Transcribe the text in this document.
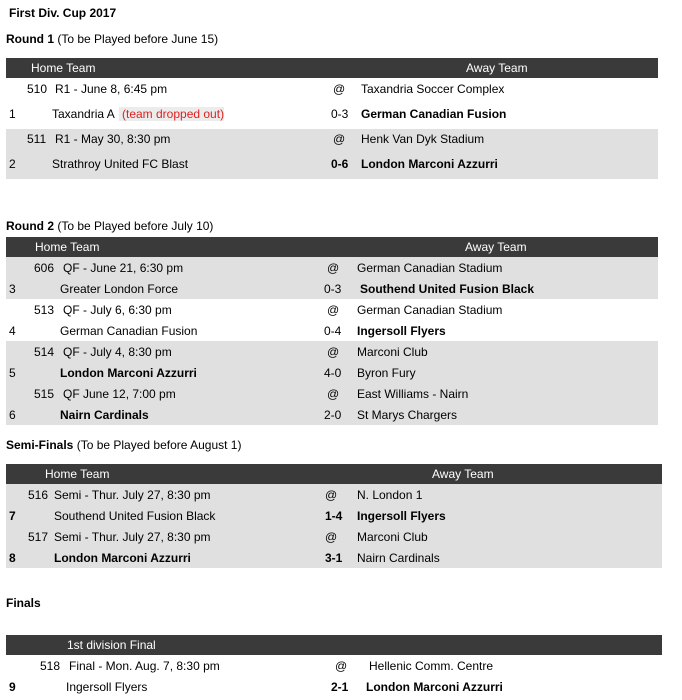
First Div. Cup 2017
Round 1 (To be Played before June 15)
Home Team	Away Team
510 R1 - June 8, 6:45 pm	@ Taxandria Soccer Complex
1	Taxandria A (team dropped out)	0-3 German Canadian Fusion
511 R1 - May 30, 8:30 pm	@ Henk Van Dyk Stadium
2	Strathroy United FC Blast	0-6 London Marconi Azzurri
Round 2 (To be Played before July 10)
Home Team	Away Team
606 QF - June 21, 6:30 pm	@ German Canadian Stadium
3	Greater London Force	0-3 Southend United Fusion Black
513 QF - July 6, 6:30 pm	@ German Canadian Stadium
4	German Canadian Fusion	0-4 Ingersoll Flyers
514 QF - July 4, 8:30 pm	@ Marconi Club
5	London Marconi Azzurri	4-0 Byron Fury
515 QF June 12, 7:00 pm	@ East Williams - Nairn
6	Nairn Cardinals	2-0 St Marys Chargers
Semi-Finals (To be Played before August 1)
Home Team	Away Team
516 Semi - Thur. July 27, 8:30 pm	@ N. London 1
7	Southend United Fusion Black	1-4 Ingersoll Flyers
517 Semi - Thur. July 27, 8:30 pm	@ Marconi Club
8	London Marconi Azzurri	3-1 Nairn Cardinals
Finals
1st division Final
518 Final - Mon. Aug. 7, 8:30 pm	@ Hellenic Comm. Centre
9	Ingersoll Flyers	2-1 London Marconi Azzurri
